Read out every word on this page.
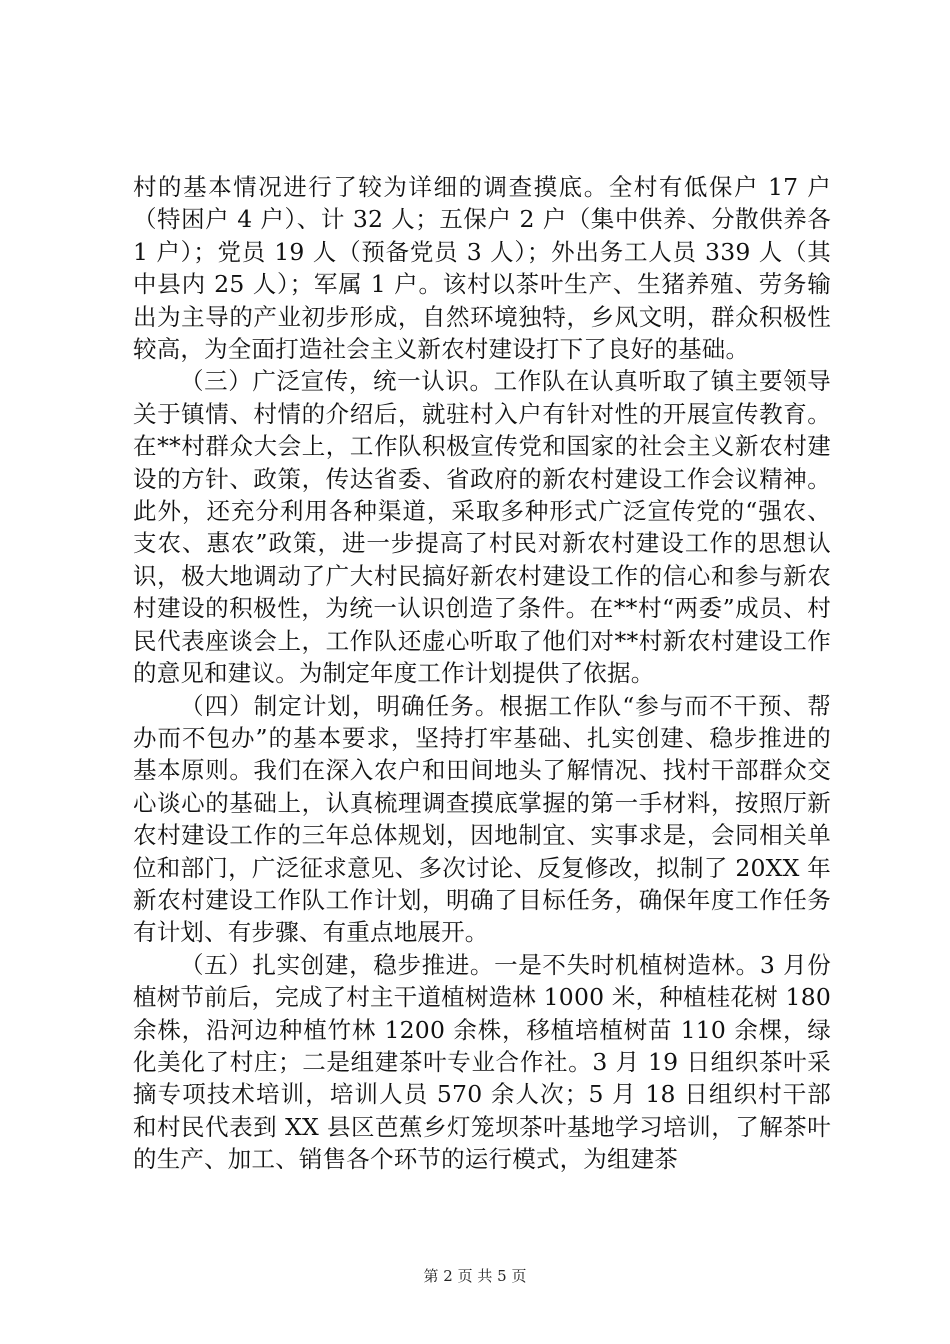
村的基本情况进行了较为详细的调查摸底。全村有低保户 17 户（特困户 4 户）、计 32 人；五保户 2 户（集中供养、分散供养各 1 户）；党员 19 人（预备党员 3 人）；外出务工人员 339 人（其中县内 25 人）；军属 1 户。该村以茶叶生产、生猪养殖、劳务输出为主导的产业初步形成，自然环境独特，乡风文明，群众积极性较高，为全面打造社会主义新农村建设打下了良好的基础。

（三）广泛宣传，统一认识。工作队在认真听取了镇主要领导关于镇情、村情的介绍后，就驻村入户有针对性的开展宣传教育。在**村群众大会上，工作队积极宣传党和国家的社会主义新农村建设的方针、政策，传达省委、省政府的新农村建设工作会议精神。此外，还充分利用各种渠道，采取多种形式广泛宣传党的“强农、支农、惠农”政策，进一步提高了村民对新农村建设工作的思想认识，极大地调动了广大村民搞好新农村建设工作的信心和参与新农村建设的积极性，为统一认识创造了条件。在**村“两委”成员、村民代表座谈会上，工作队还虚心听取了他们对**村新农村建设工作的意见和建议。为制定年度工作计划提供了依据。

（四）制定计划，明确任务。根据工作队“参与而不干预、帮办而不包办”的基本要求，坚持打牢基础、扎实创建、稳步推进的基本原则。我们在深入农户和田间地头了解情况、找村干部群众交心谈心的基础上，认真梳理调查摸底掌握的第一手材料，按照厅新农村建设工作的三年总体规划，因地制宜、实事求是，会同相关单位和部门，广泛征求意见、多次讨论、反复修改，拟制了 20XX 年新农村建设工作队工作计划，明确了目标任务，确保年度工作任务有计划、有步骤、有重点地展开。

（五）扎实创建，稳步推进。一是不失时机植树造林。3 月份植树节前后，完成了村主干道植树造林 1000 米，种植桂花树 180 余株，沿河边种植竹林 1200 余株，移植培植树苗 110 余棵，绿化美化了村庄；二是组建茶叶专业合作社。3 月 19 日组织茶叶采摘专项技术培训，培训人员 570 余人次；5 月 18 日组织村干部和村民代表到 XX 县区芭蕉乡灯笼坝茶叶基地学习培训，了解茶叶的生产、加工、销售各个环节的运行模式，为组建茶

第 2 页 共 5 页
